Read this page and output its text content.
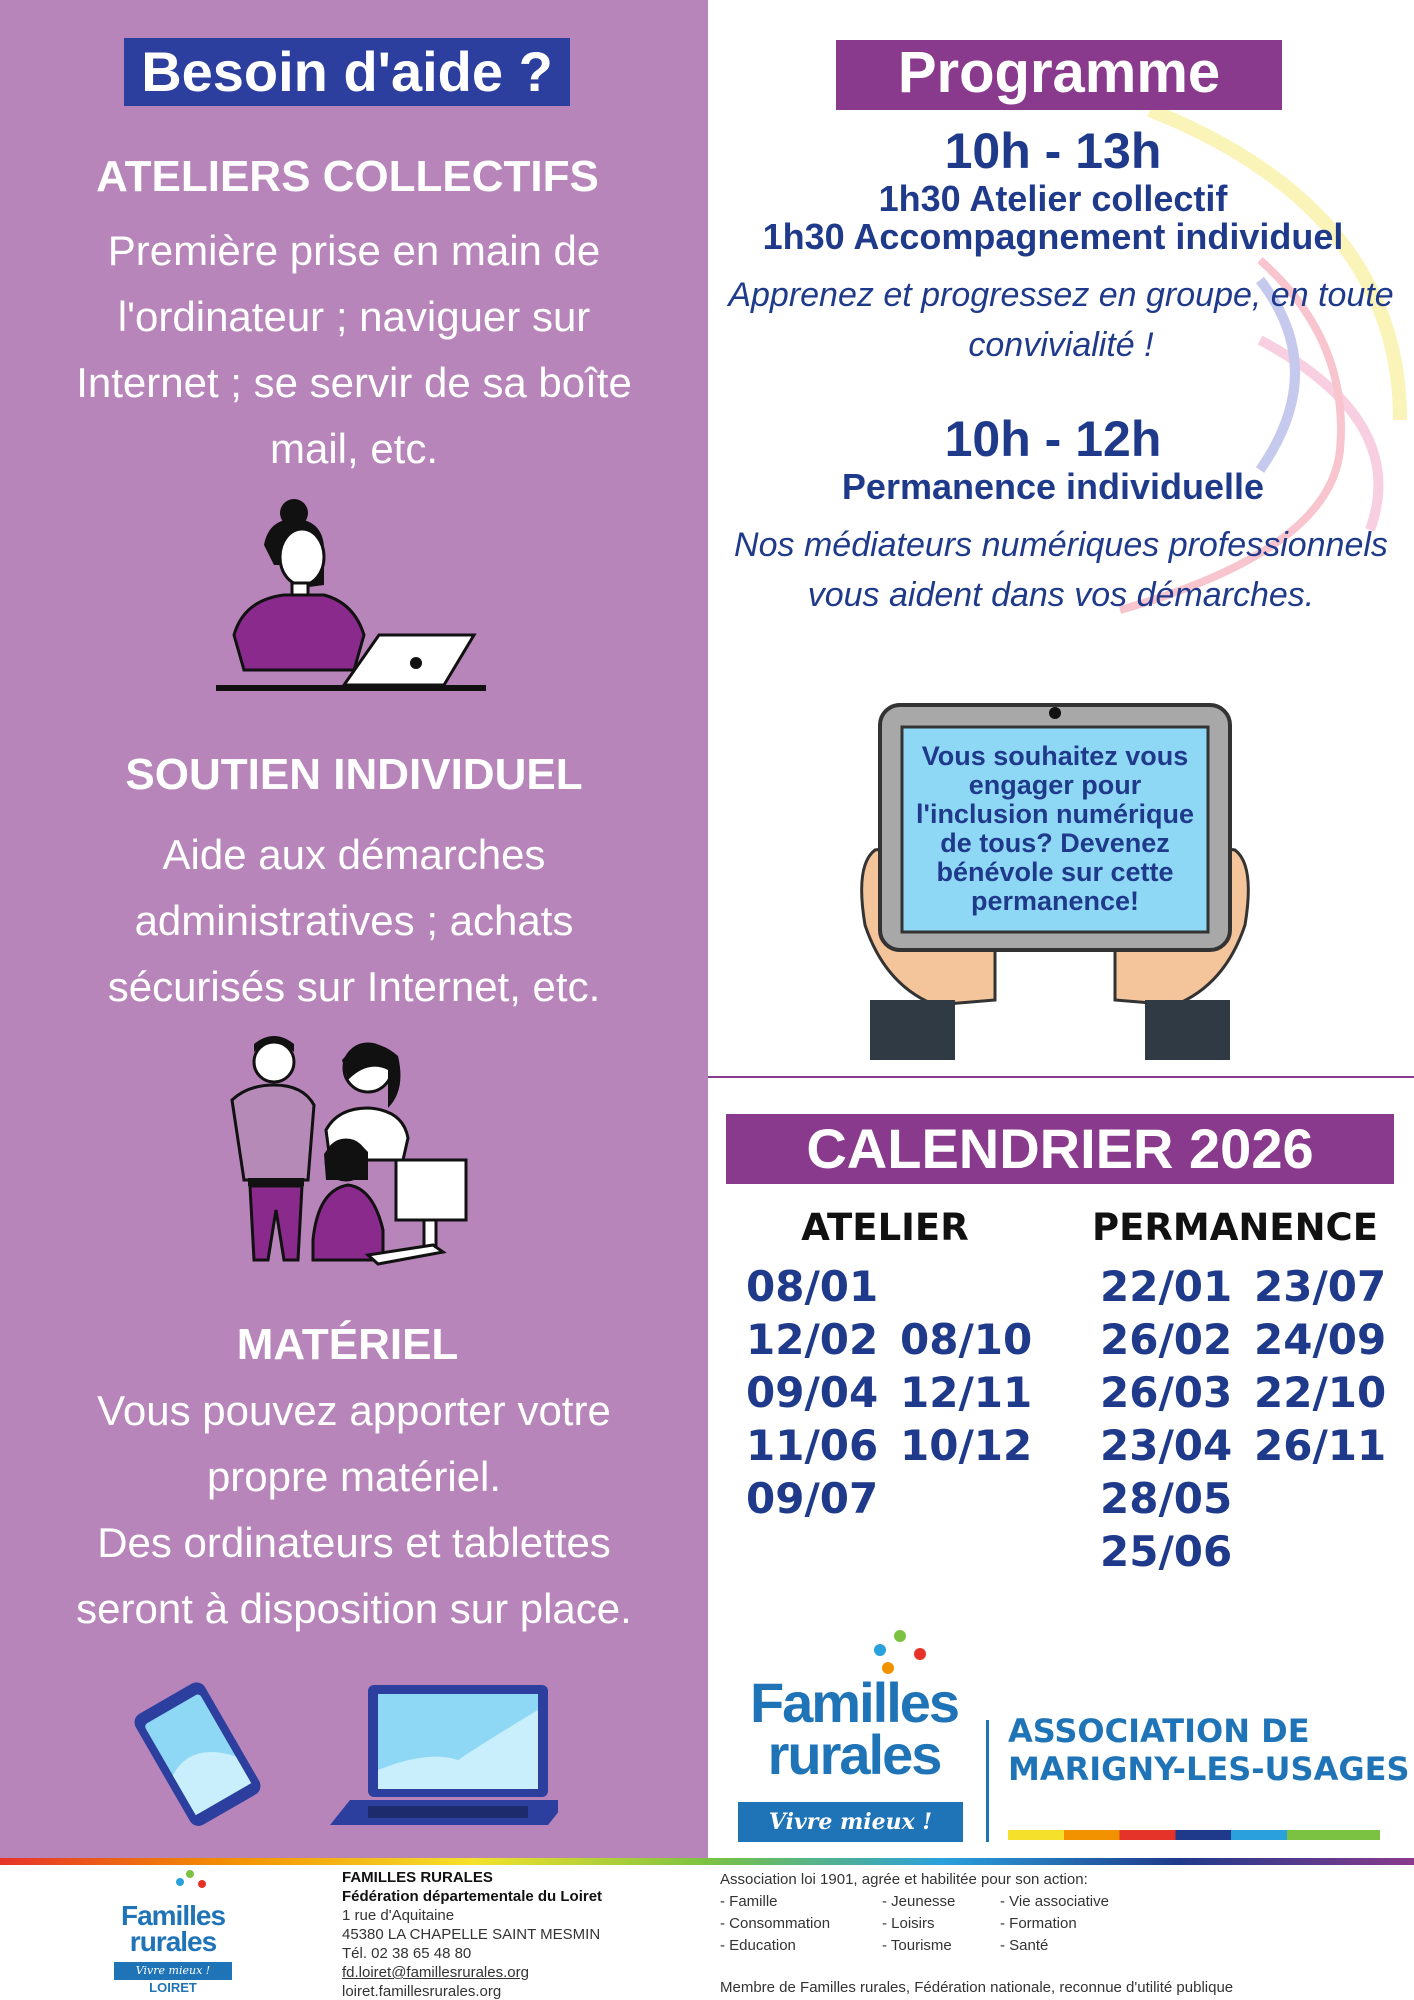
Besoin d'aide ?
ATELIERS COLLECTIFS
Première prise en main de
l'ordinateur ; naviguer sur
Internet ; se servir de sa boîte
mail, etc.
SOUTIEN INDIVIDUEL
Aide aux démarches
administratives ; achats
sécurisés sur Internet, etc.
MATÉRIEL
Vous pouvez apporter votre
propre matériel.
Des ordinateurs et tablettes
seront à disposition sur place.
Programme
10h - 13h
1h30 Atelier collectif
1h30 Accompagnement individuel
Apprenez et progressez en groupe, en toute
convivialité !
10h - 12h
Permanence individuelle
Nos médiateurs numériques professionnels
vous aident dans vos démarches.
Vous souhaitez vous
engager pour
l'inclusion numérique
de tous? Devenez
bénévole sur cette
permanence!
CALENDRIER 2026
ATELIER	PERMANENCE
08/01
12/02
09/04
11/06
09/07
08/10
12/11
10/12
22/01
26/02
26/03
23/04
28/05
25/06
23/07
24/09
22/10
26/11
Familles
rurales
Vivre mieux !
ASSOCIATION DE
MARIGNY-LES-USAGES
Familles
rurales
Vivre mieux !
LOIRET
FAMILLES RURALES
Fédération départementale du Loiret
1 rue d'Aquitaine
45380 LA CHAPELLE SAINT MESMIN
Tél. 02 38 65 48 80
fd.loiret@famillesrurales.org
loiret.famillesrurales.org
Association loi 1901, agrée et habilitée pour son action:
- Famille
- Consommation
- Education
- Jeunesse
- Loisirs
- Tourisme
- Vie associative
- Formation
- Santé
Membre de Familles rurales, Fédération nationale, reconnue d'utilité publique
